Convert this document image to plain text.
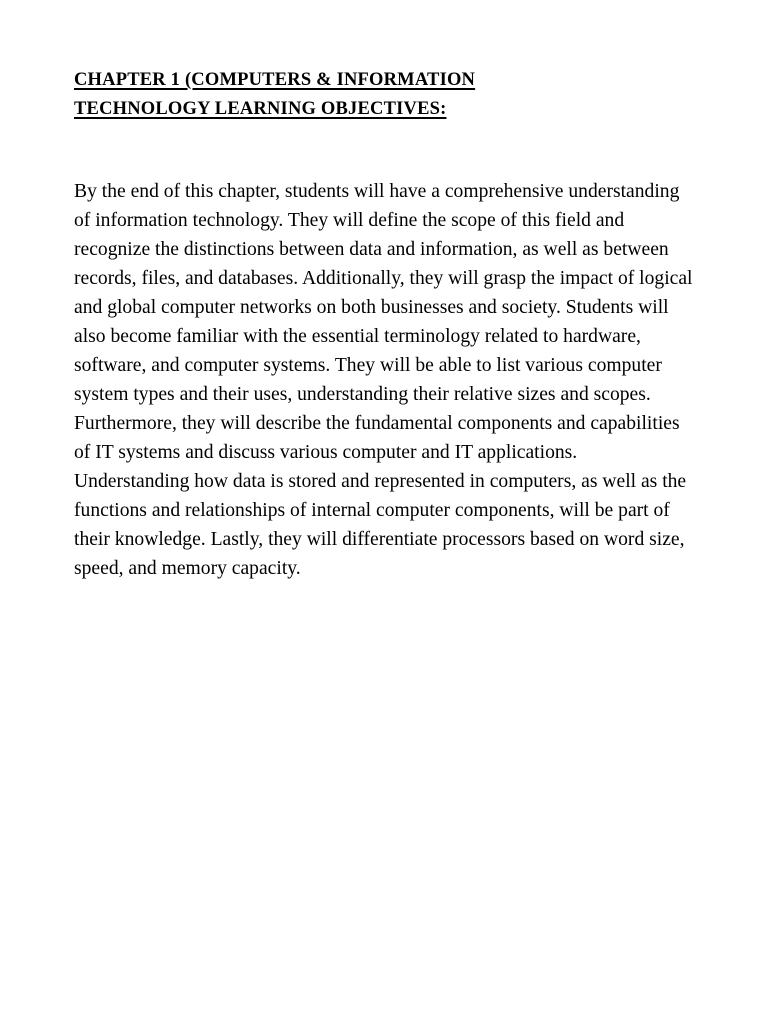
CHAPTER 1 (COMPUTERS & INFORMATION
TECHNOLOGY LEARNING OBJECTIVES:

By the end of this chapter, students will have a comprehensive understanding of information technology. They will define the scope of this field and recognize the distinctions between data and information, as well as between records, files, and databases. Additionally, they will grasp the impact of logical and global computer networks on both businesses and society. Students will also become familiar with the essential terminology related to hardware, software, and computer systems. They will be able to list various computer system types and their uses, understanding their relative sizes and scopes. Furthermore, they will describe the fundamental components and capabilities of IT systems and discuss various computer and IT applications. Understanding how data is stored and represented in computers, as well as the functions and relationships of internal computer components, will be part of their knowledge. Lastly, they will differentiate processors based on word size, speed, and memory capacity.
